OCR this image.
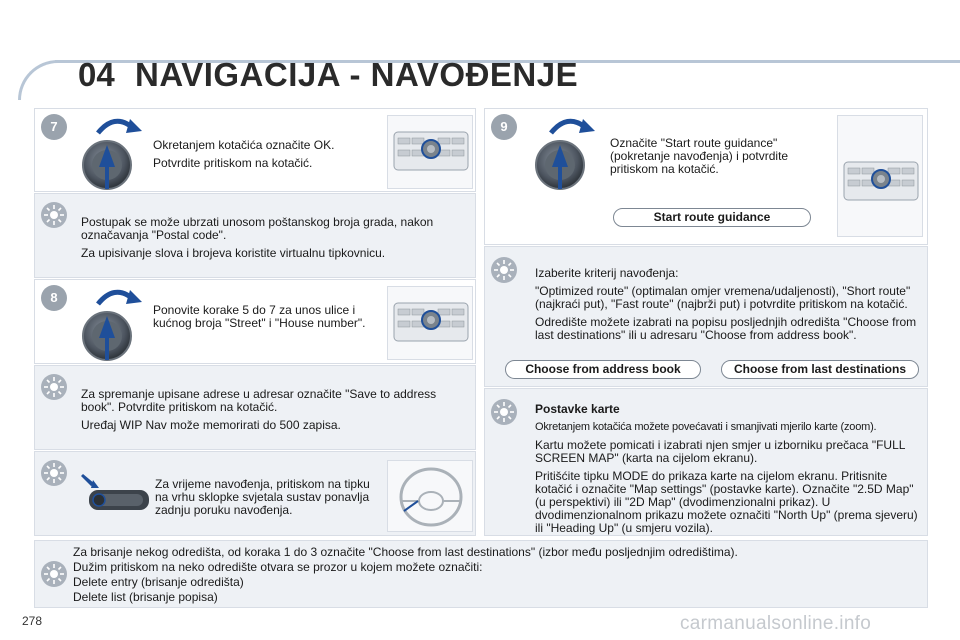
04 NAVIGACIJA - NAVOĐENJE
7

Okretanjem kotačića označite OK.

Potvrdite pritiskom na kotačić.

Postupak se može ubrzati unosom poštanskog broja grada, nakon označavanja "Postal code".

Za upisivanje slova i brojeva koristite virtualnu tipkovnicu.

8

Ponovite korake 5 do 7 za unos ulice i kućnog broja "Street" i "House number".

Za spremanje upisane adrese u adresar označite "Save to address book". Potvrdite pritiskom na kotačić.

Uređaj WIP Nav može memorirati do 500 zapisa.

Za vrijeme navođenja, pritiskom na tipku na vrhu sklopke svjetala sustav ponavlja zadnju poruku navođenja.

9

Označite "Start route guidance" (pokretanje navođenja) i potvrdite pritiskom na kotačić.

Start route guidance

Izaberite kriterij navođenja:

"Optimized route" (optimalan omjer vremena/udaljenosti), "Short route" (najkraći put), "Fast route" (najbrži put) i potvrdite pritiskom na kotačić.

Odredište možete izabrati na popisu posljednjih odredišta "Choose from last destinations" ili u adresaru "Choose from address book".

Choose from address book	Choose from last destinations

Postavke karte

Okretanjem kotačića možete povećavati i smanjivati mjerilo karte (zoom).

Kartu možete pomicati i izabrati njen smjer u izborniku prečaca "FULL SCREEN MAP" (karta na cijelom ekranu).

Pritišćite tipku MODE do prikaza karte na cijelom ekranu. Pritisnite kotačić i označite "Map settings" (postavke karte). Označite "2.5D Map" (u perspektivi) ili "2D Map" (dvodimenzionalni prikaz). U dvodimenzionalnom prikazu možete označiti "North Up" (prema sjeveru) ili "Heading Up" (u smjeru vozila).

Za brisanje nekog odredišta, od koraka 1 do 3 označite "Choose from last destinations" (izbor među posljednjim odredištima).

Dužim pritiskom na neko odredište otvara se prozor u kojem možete označiti:

Delete entry (brisanje odredišta)

Delete list (brisanje popisa)

278	carmanualsonline.info
